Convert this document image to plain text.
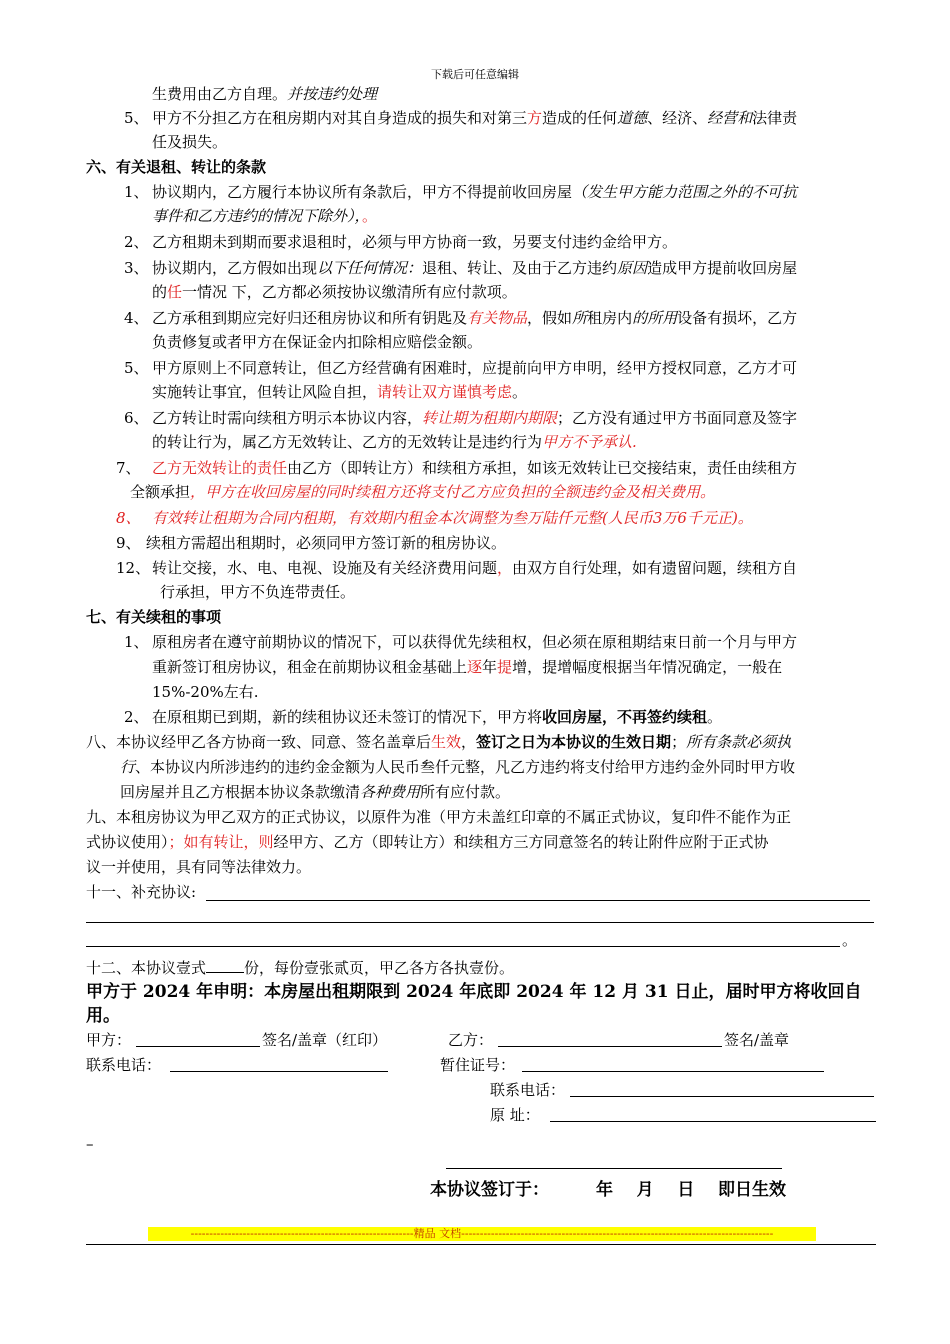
下载后可任意编辑
生费用由乙方自理。并按违约处理
5、 甲方不分担乙方在租房期内对其自身造成的损失和对第三方造成的任何道德、经济、经营和法律责
任及损失。
六、有关退租、转让的条款
1、 协议期内，乙方履行本协议所有条款后，甲方不得提前收回房屋（发生甲方能力范围之外的不可抗
事件和乙方违约的情况下除外），。
2、 乙方租期未到期而要求退租时，必须与甲方协商一致，另要支付违约金给甲方。
3、 协议期内，乙方假如出现以下任何情况：退租、转让、及由于乙方违约原因造成甲方提前收回房屋
的任一情况 下，乙方都必须按协议缴清所有应付款项。
4、 乙方承租到期应完好归还租房协议和所有钥匙及有关物品，假如所租房内的所用设备有损坏，乙方
负责修复或者甲方在保证金内扣除相应赔偿金额。
5、 甲方原则上不同意转让，但乙方经营确有困难时，应提前向甲方申明，经甲方授权同意，乙方才可
实施转让事宜，但转让风险自担，请转让双方谨慎考虑。
6、 乙方转让时需向续租方明示本协议内容，转让期为租期内期限；乙方没有通过甲方书面同意及签字
的转让行为，属乙方无效转让、乙方的无效转让是违约行为甲方不予承认.
7、 乙方无效转让的责任由乙方（即转让方）和续租方承担，如该无效转让已交接结束，责任由续租方
全额承担，甲方在收回房屋的同时续租方还将支付乙方应负担的全额违约金及相关费用。
8、 有效转让租期为合同内租期，有效期内租金本次调整为叁万陆仟元整(人民币3万6千元正)。
9、 续租方需超出租期时，必须同甲方签订新的租房协议。
12、 转让交接，水、电、电视、设施及有关经济费用问题，由双方自行处理，如有遗留问题，续租方自
行承担，甲方不负连带责任。
七、有关续租的事项
1、 原租房者在遵守前期协议的情况下，可以获得优先续租权，但必须在原租期结束日前一个月与甲方
重新签订租房协议，租金在前期协议租金基础上逐年提增，提增幅度根据当年情况确定，一般在
15%-20%左右.
2、 在原租期已到期，新的续租协议还未签订的情况下，甲方将收回房屋，不再签约续租。
八、本协议经甲乙各方协商一致、同意、签名盖章后生效，签订之日为本协议的生效日期；所有条款必须执
行、本协议内所涉违约的违约金金额为人民币叁仟元整，凡乙方违约将支付给甲方违约金外同时甲方收
回房屋并且乙方根据本协议条款缴清各种费用所有应付款。
九、本租房协议为甲乙双方的正式协议，以原件为准（甲方未盖红印章的不属正式协议，复印件不能作为正
式协议使用）；如有转让，则经甲方、乙方（即转让方）和续租方三方同意签名的转让附件应附于正式协
议一并使用，具有同等法律效力。
十一、补充协议:
。
十二、本协议壹式	份，每份壹张贰页，甲乙各方各执壹份。
甲方于 2024 年申明：本房屋出租期限到 2024 年底即 2024 年 12 月 31 日止，届时甲方将收回自
用。
甲方：	签名/盖章（红印）	乙方：	签名/盖章
联系电话：	暂住证号：
联系电话：
原 址：
–
本协议签订于：	年    月    日    即日生效
------------------------------------------------------------精品 文档------------------------------------------------------------------------------------
